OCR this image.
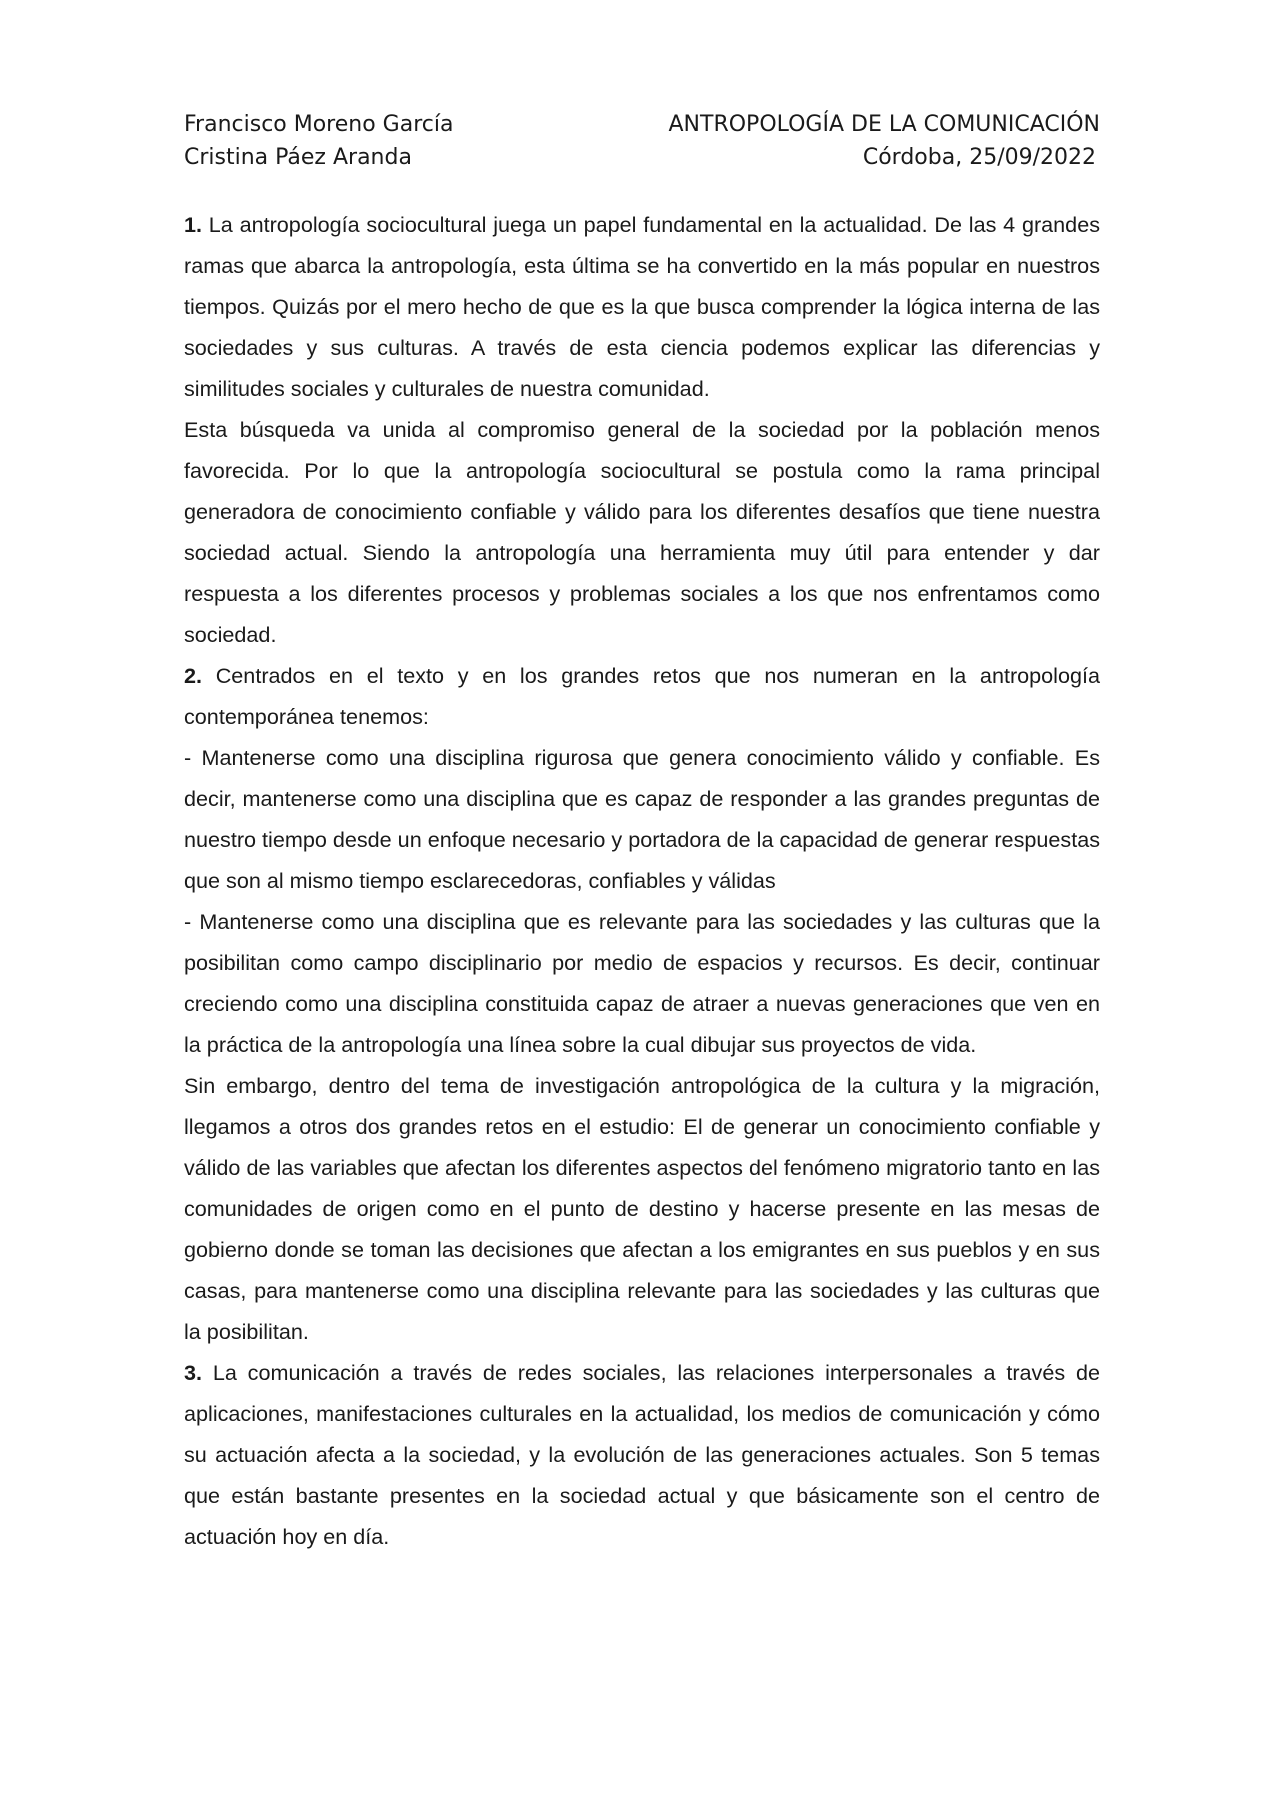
Francisco Moreno García
Cristina Páez Aranda
ANTROPOLOGÍA DE LA COMUNICACIÓN
Córdoba, 25/09/2022

1. La antropología sociocultural juega un papel fundamental en la actualidad. De las 4 grandes ramas que abarca la antropología, esta última se ha convertido en la más popular en nuestros tiempos. Quizás por el mero hecho de que es la que busca comprender la lógica interna de las sociedades y sus culturas. A través de esta ciencia podemos explicar las diferencias y similitudes sociales y culturales de nuestra comunidad.

Esta búsqueda va unida al compromiso general de la sociedad por la población menos favorecida. Por lo que la antropología sociocultural se postula como la rama principal generadora de conocimiento confiable y válido para los diferentes desafíos que tiene nuestra sociedad actual. Siendo la antropología una herramienta muy útil para entender y dar respuesta a los diferentes procesos y problemas sociales a los que nos enfrentamos como sociedad.

2. Centrados en el texto y en los grandes retos que nos numeran en la antropología contemporánea tenemos:

- Mantenerse como una disciplina rigurosa que genera conocimiento válido y confiable. Es decir, mantenerse como una disciplina que es capaz de responder a las grandes preguntas de nuestro tiempo desde un enfoque necesario y portadora de la capacidad de generar respuestas que son al mismo tiempo esclarecedoras, confiables y válidas

- Mantenerse como una disciplina que es relevante para las sociedades y las culturas que la posibilitan como campo disciplinario por medio de espacios y recursos. Es decir, continuar creciendo como una disciplina constituida capaz de atraer a nuevas generaciones que ven en la práctica de la antropología una línea sobre la cual dibujar sus proyectos de vida.

Sin embargo, dentro del tema de investigación antropológica de la cultura y la migración, llegamos a otros dos grandes retos en el estudio: El de generar un conocimiento confiable y válido de las variables que afectan los diferentes aspectos del fenómeno migratorio tanto en las comunidades de origen como en el punto de destino y hacerse presente en las mesas de gobierno donde se toman las decisiones que afectan a los emigrantes en sus pueblos y en sus casas, para mantenerse como una disciplina relevante para las sociedades y las culturas que la posibilitan.

3. La comunicación a través de redes sociales, las relaciones interpersonales a través de aplicaciones, manifestaciones culturales en la actualidad, los medios de comunicación y cómo su actuación afecta a la sociedad, y la evolución de las generaciones actuales. Son 5 temas que están bastante presentes en la sociedad actual y que básicamente son el centro de actuación hoy en día.
